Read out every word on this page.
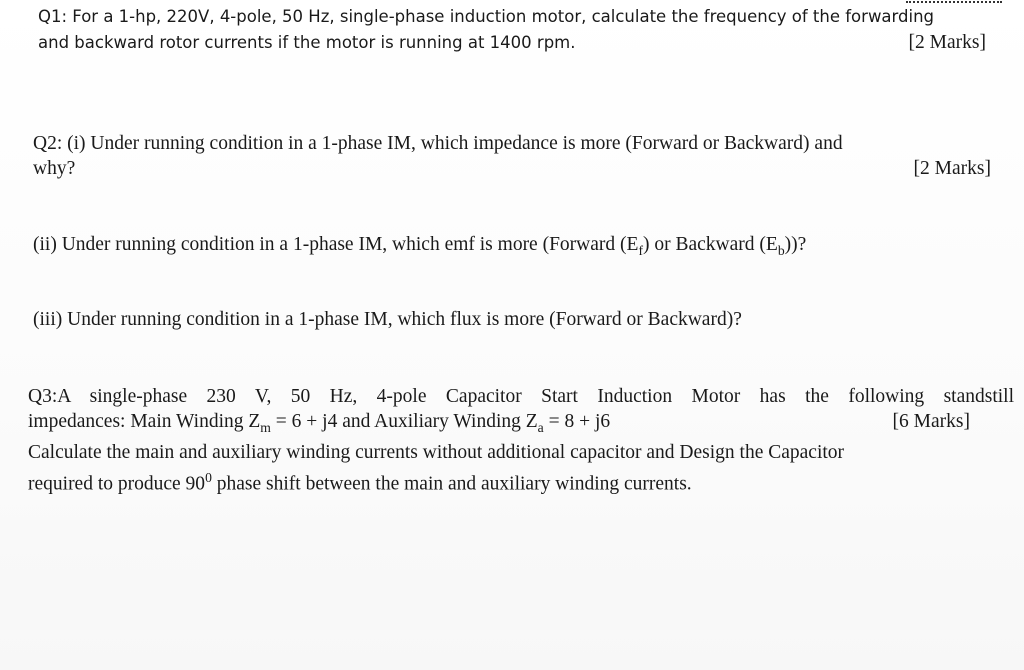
Q1: For a 1-hp, 220V, 4-pole, 50 Hz, single-phase induction motor, calculate the frequency of the forwarding
and backward rotor currents if the motor is running at 1400 rpm.	[2 Marks]
Q2: (i) Under running condition in a 1-phase IM, which impedance is more (Forward or Backward) and
why?	[2 Marks]
(ii) Under running condition in a 1-phase IM, which emf is more (Forward $(E_f)$ or Backward $(E_b)$)?
(iii) Under running condition in a 1-phase IM, which flux is more (Forward or Backward)?
Q3:A single-phase 230 V, 50 Hz, 4-pole Capacitor Start Induction Motor has the following standstill
impedances: Main Winding $Z_m = 6 + j4$ and Auxiliary Winding $Z_a = 8 + j6$	[6 Marks]
Calculate the main and auxiliary winding currents without additional capacitor and Design the Capacitor
required to produce $90^0$ phase shift between the main and auxiliary winding currents.
